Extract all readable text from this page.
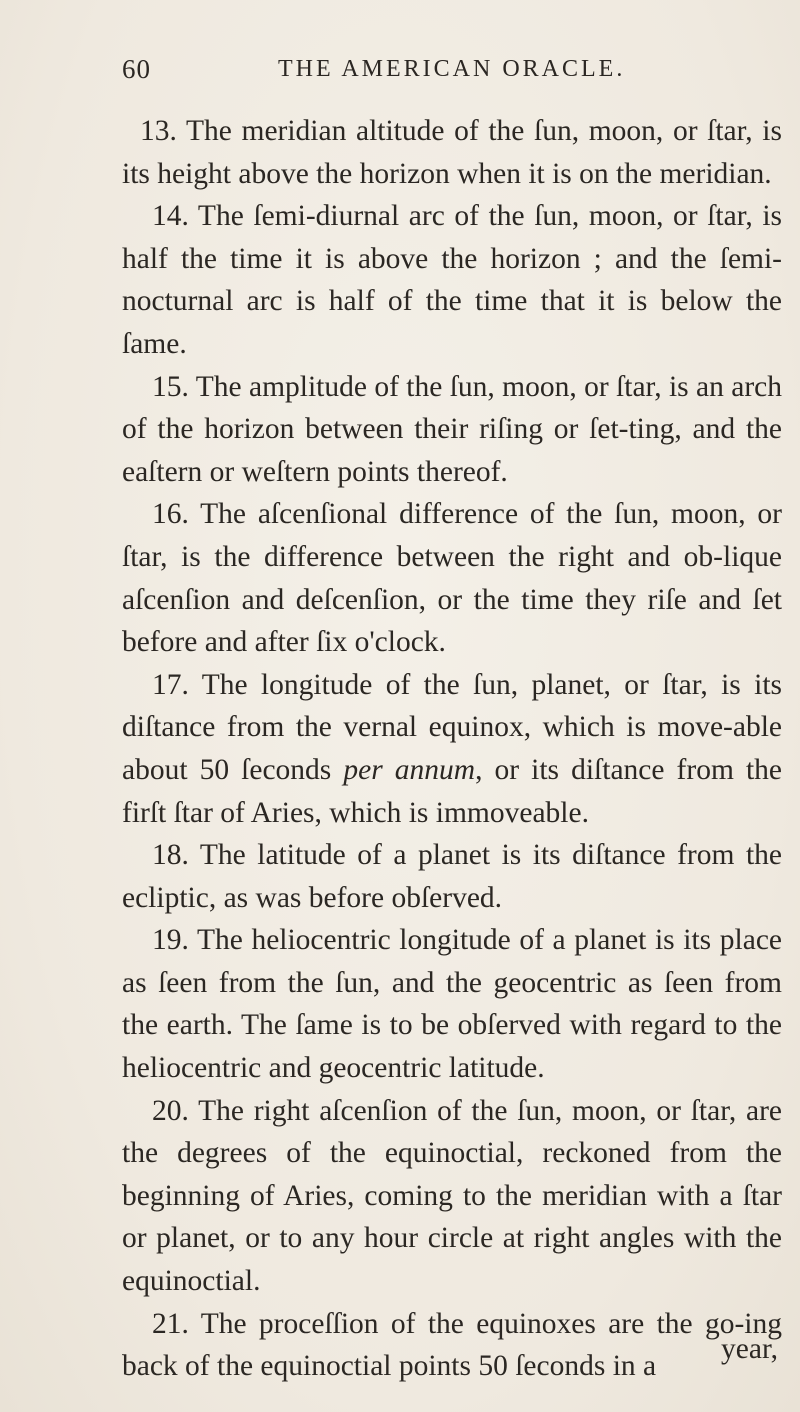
60	THE AMERICAN ORACLE.

13. The meridian altitude of the ſun, moon, or ſtar, is its height above the horizon when it is on the meridian.

14. The ſemi-diurnal arc of the ſun, moon, or ſtar, is half the time it is above the horizon ; and the ſemi-nocturnal arc is half of the time that it is below the ſame.

15. The amplitude of the ſun, moon, or ſtar, is an arch of the horizon between their riſing or ſet-ting, and the eaſtern or weſtern points thereof.

16. The aſcenſional difference of the ſun, moon, or ſtar, is the difference between the right and ob-lique aſcenſion and deſcenſion, or the time they riſe and ſet before and after ſix o'clock.

17. The longitude of the ſun, planet, or ſtar, is its diſtance from the vernal equinox, which is move-able about 50 ſeconds per annum, or its diſtance from the firſt ſtar of Aries, which is immoveable.

18. The latitude of a planet is its diſtance from the ecliptic, as was before obſerved.

19. The heliocentric longitude of a planet is its place as ſeen from the ſun, and the geocentric as ſeen from the earth. The ſame is to be obſerved with regard to the heliocentric and geocentric latitude.

20. The right aſcenſion of the ſun, moon, or ſtar, are the degrees of the equinoctial, reckoned from the beginning of Aries, coming to the meridian with a ſtar or planet, or to any hour circle at right angles with the equinoctial.

21. The proceſſion of the equinoxes are the go-ing back of the equinoctial points 50 ſeconds in a

year,
